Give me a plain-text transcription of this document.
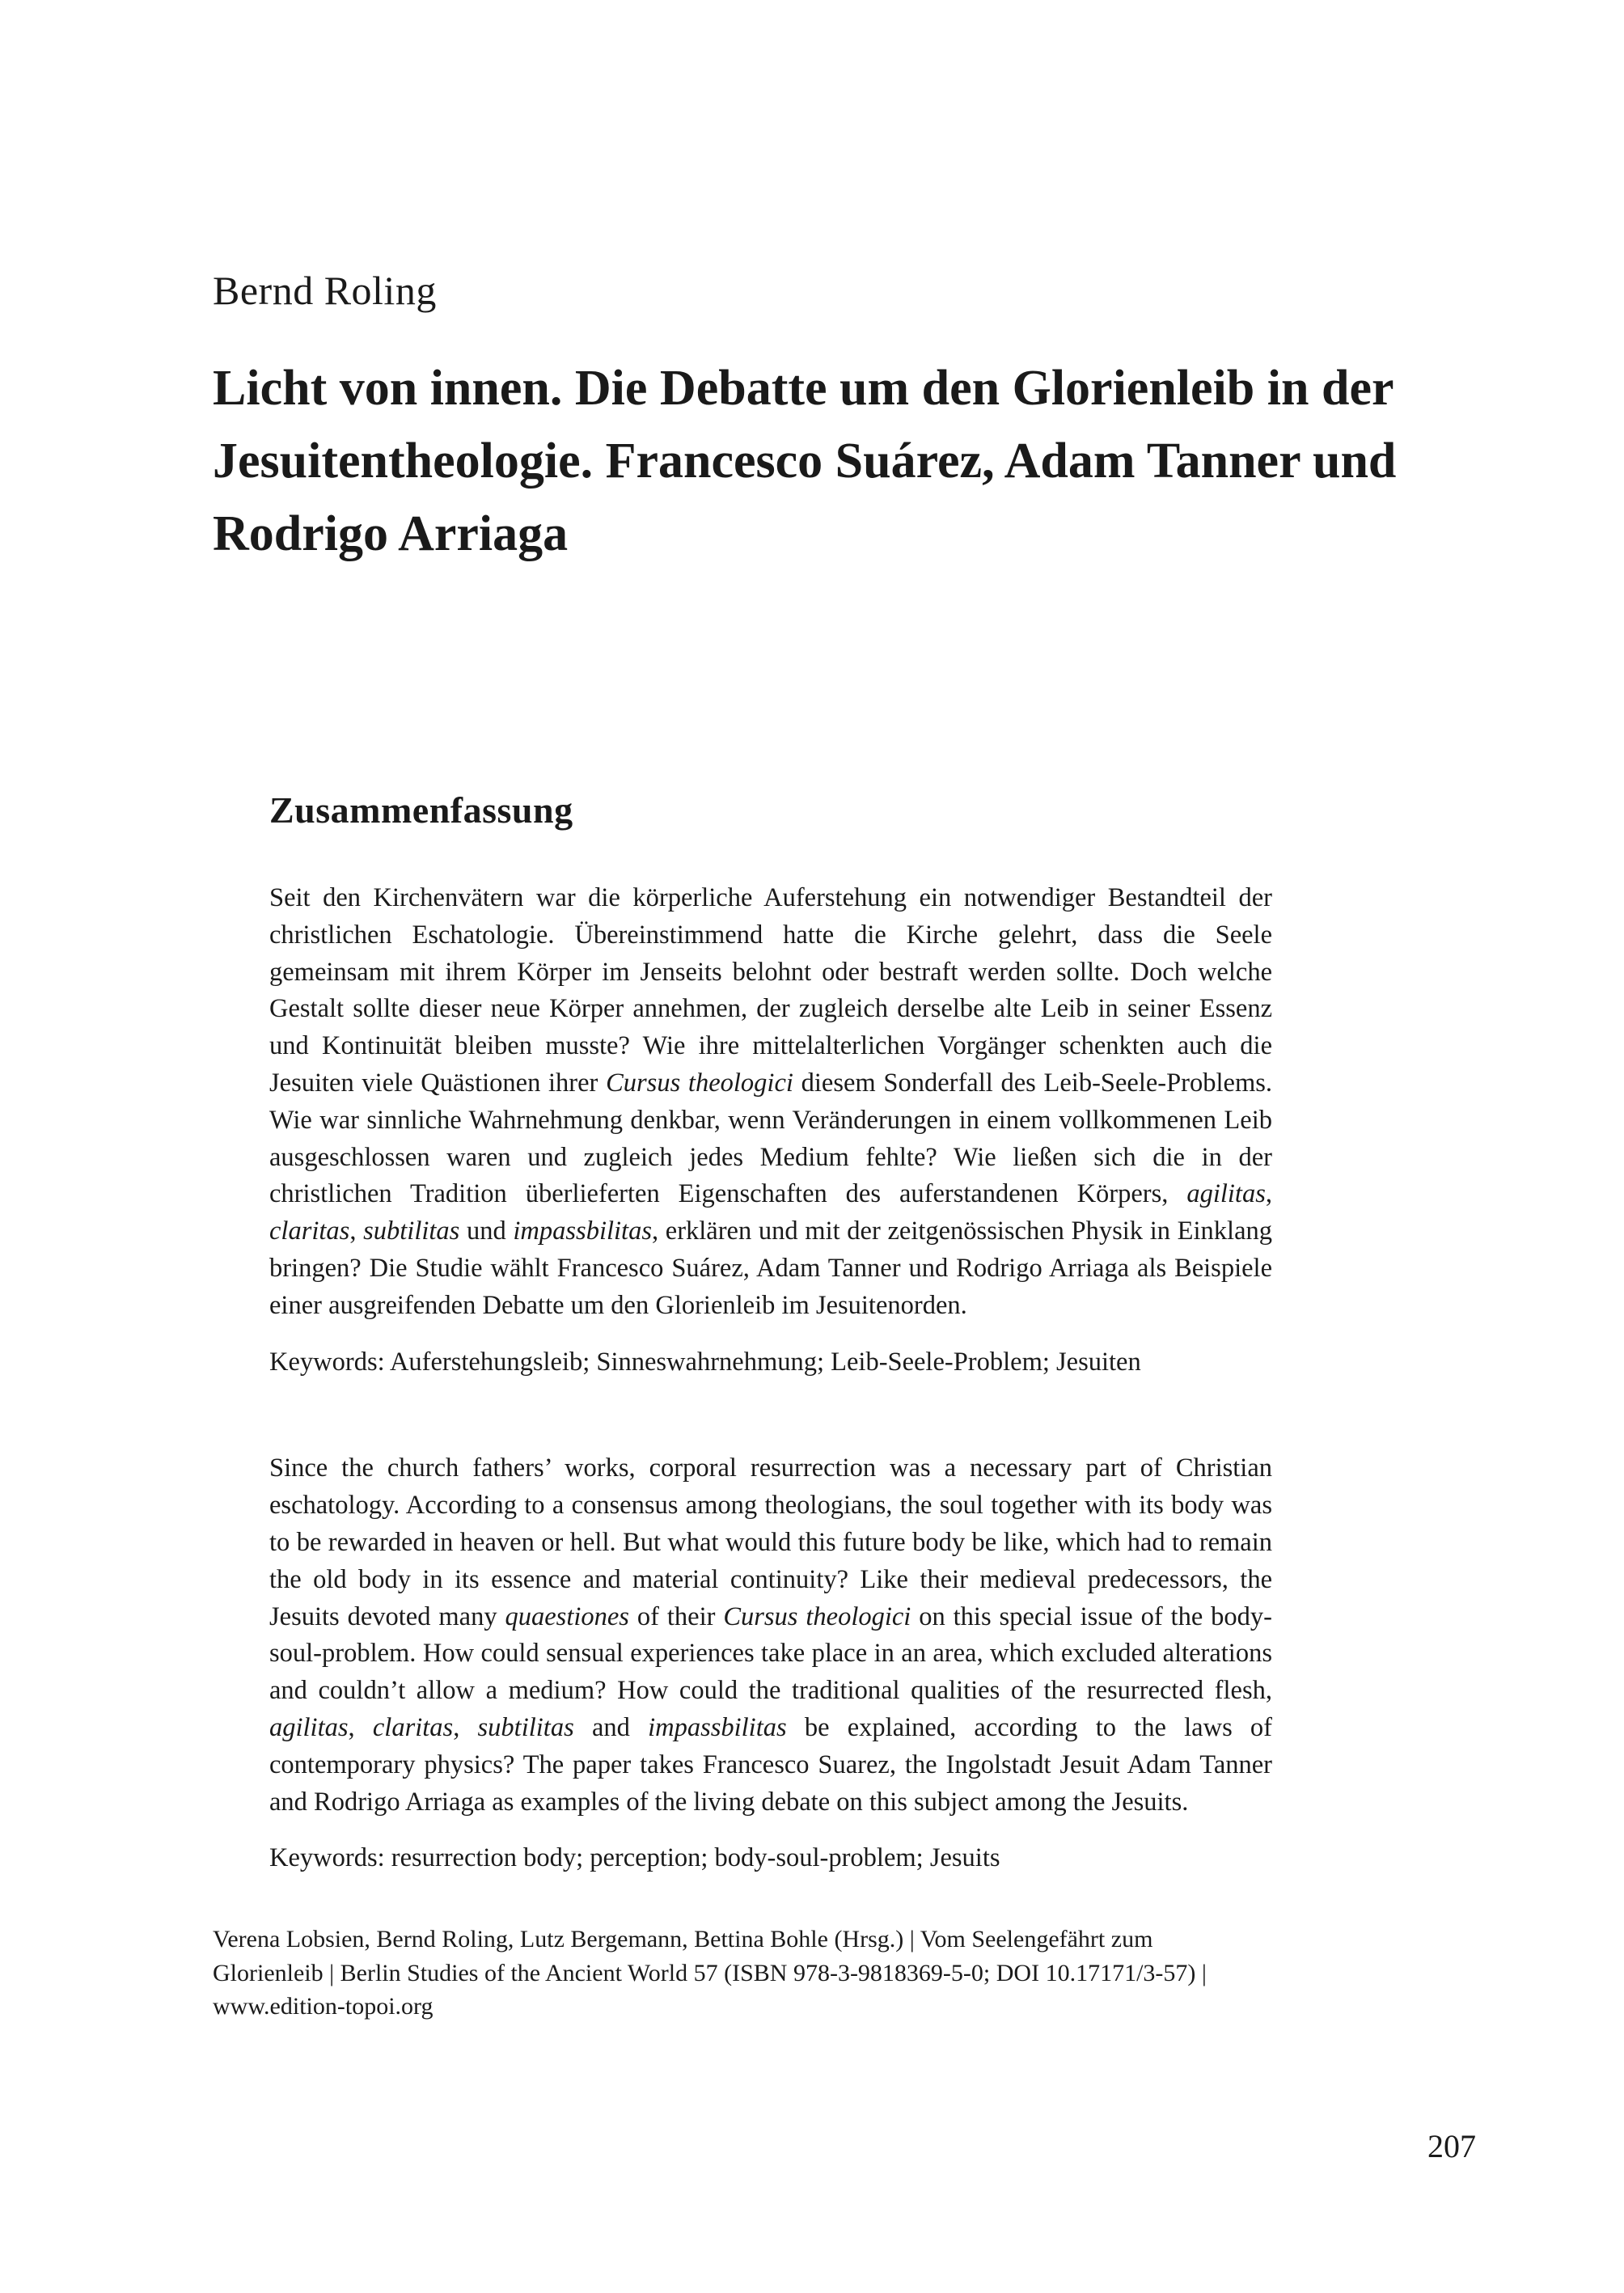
Bernd Roling
Licht von innen. Die Debatte um den Glorienleib in der Jesuitentheologie. Francesco Suárez, Adam Tanner und Rodrigo Arriaga
Zusammenfassung

Seit den Kirchenvätern war die körperliche Auferstehung ein notwendiger Bestandteil der christlichen Eschatologie. Übereinstimmend hatte die Kirche gelehrt, dass die Seele gemeinsam mit ihrem Körper im Jenseits belohnt oder bestraft werden sollte. Doch welche Gestalt sollte dieser neue Körper annehmen, der zugleich derselbe alte Leib in seiner Essenz und Kontinuität bleiben musste? Wie ihre mittelalterlichen Vorgänger schenkten auch die Jesuiten viele Quästionen ihrer Cursus theologici diesem Sonderfall des Leib-Seele-Problems. Wie war sinnliche Wahrnehmung denkbar, wenn Veränderungen in einem vollkommenen Leib ausgeschlossen waren und zugleich jedes Medium fehlte? Wie ließen sich die in der christlichen Tradition überlieferten Eigenschaften des auferstandenen Körpers, agilitas, claritas, subtilitas und impassbilitas, erklären und mit der zeitgenössischen Physik in Einklang bringen? Die Studie wählt Francesco Suárez, Adam Tanner und Rodrigo Arriaga als Beispiele einer ausgreifenden Debatte um den Glorienleib im Jesuitenorden.

Keywords: Auferstehungsleib; Sinneswahrnehmung; Leib-Seele-Problem; Jesuiten

Since the church fathers’ works, corporal resurrection was a necessary part of Christian eschatology. According to a consensus among theologians, the soul together with its body was to be rewarded in heaven or hell. But what would this future body be like, which had to remain the old body in its essence and material continuity? Like their medieval predecessors, the Jesuits devoted many quaestiones of their Cursus theologici on this special issue of the body-soul-problem. How could sensual experiences take place in an area, which excluded alterations and couldn’t allow a medium? How could the traditional qualities of the resurrected flesh, agilitas, claritas, subtilitas and impassbilitas be explained, according to the laws of contemporary physics? The paper takes Francesco Suarez, the Ingolstadt Jesuit Adam Tanner and Rodrigo Arriaga as examples of the living debate on this subject among the Jesuits.

Keywords: resurrection body; perception; body-soul-problem; Jesuits

Verena Lobsien, Bernd Roling, Lutz Bergemann, Bettina Bohle (Hrsg.) | Vom Seelengefährt zum Glorienleib | Berlin Studies of the Ancient World 57 (ISBN 978-3-9818369-5-0; DOI 10.17171/3-57) | www.edition-topoi.org

207
